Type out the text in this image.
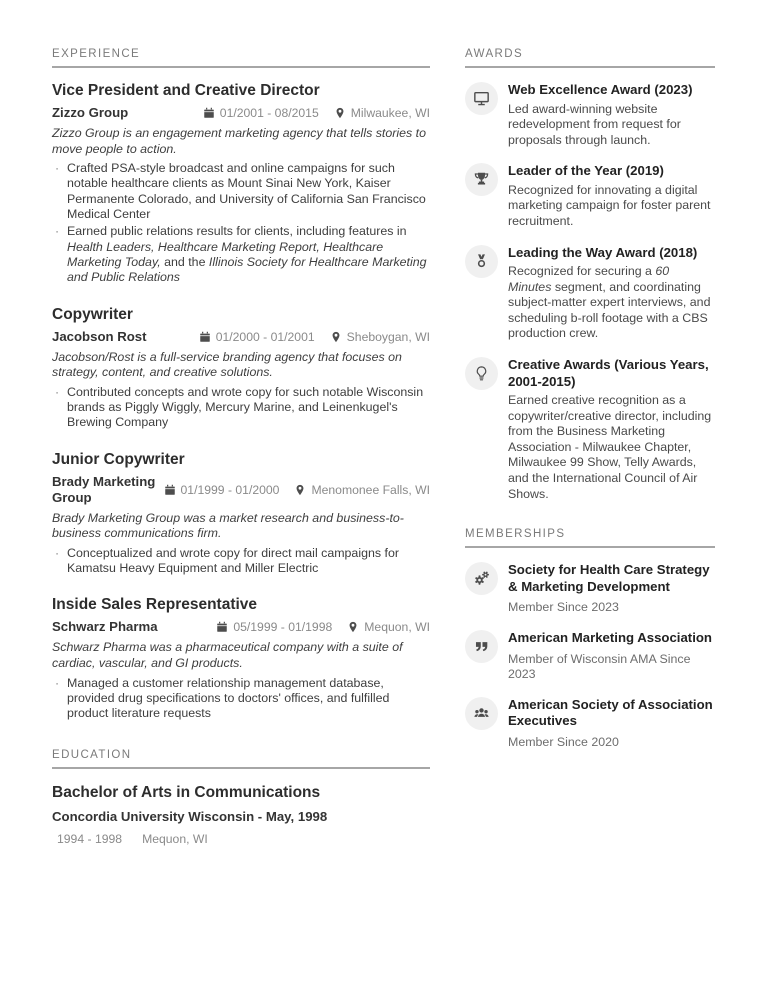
EXPERIENCE
Vice President and Creative Director
Zizzo Group	01/2001 - 08/2015	Milwaukee, WI

Zizzo Group is an engagement marketing agency that tells stories to move people to action.

· Crafted PSA-style broadcast and online campaigns for such notable healthcare clients as Mount Sinai New York, Kaiser Permanente Colorado, and University of California San Francisco Medical Center
· Earned public relations results for clients, including features in Health Leaders, Healthcare Marketing Report, Healthcare Marketing Today, and the Illinois Society for Healthcare Marketing and Public Relations
Copywriter
Jacobson Rost	01/2000 - 01/2001	Sheboygan, WI

Jacobson/Rost is a full-service branding agency that focuses on strategy, content, and creative solutions.

· Contributed concepts and wrote copy for such notable Wisconsin brands as Piggly Wiggly, Mercury Marine, and Leinenkugel's Brewing Company
Junior Copywriter
Brady Marketing Group	01/1999 - 01/2000	Menomonee Falls, WI

Brady Marketing Group was a market research and business-to-business communications firm.

· Conceptualized and wrote copy for direct mail campaigns for Kamatsu Heavy Equipment and Miller Electric
Inside Sales Representative
Schwarz Pharma	05/1999 - 01/1998	Mequon, WI

Schwarz Pharma was a pharmaceutical company with a suite of cardiac, vascular, and GI products.

· Managed a customer relationship management database, provided drug specifications to doctors' offices, and fulfilled product literature requests
EDUCATION
Bachelor of Arts in Communications
Concordia University Wisconsin - May, 1998
1994 - 1998 Mequon, WI
AWARDS
Web Excellence Award (2023)
Led award-winning website redevelopment from request for proposals through launch.
Leader of the Year (2019)
Recognized for innovating a digital marketing campaign for foster parent recruitment.
Leading the Way Award (2018)
Recognized for securing a 60 Minutes segment, and coordinating subject-matter expert interviews, and scheduling b-roll footage with a CBS production crew.
Creative Awards (Various Years, 2001-2015)
Earned creative recognition as a copywriter/creative director, including from the Business Marketing Association - Milwaukee Chapter, Milwaukee 99 Show, Telly Awards, and the International Council of Air Shows.
MEMBERSHIPS
Society for Health Care Strategy & Marketing Development
Member Since 2023
American Marketing Association
Member of Wisconsin AMA Since 2023
American Society of Association Executives
Member Since 2020
